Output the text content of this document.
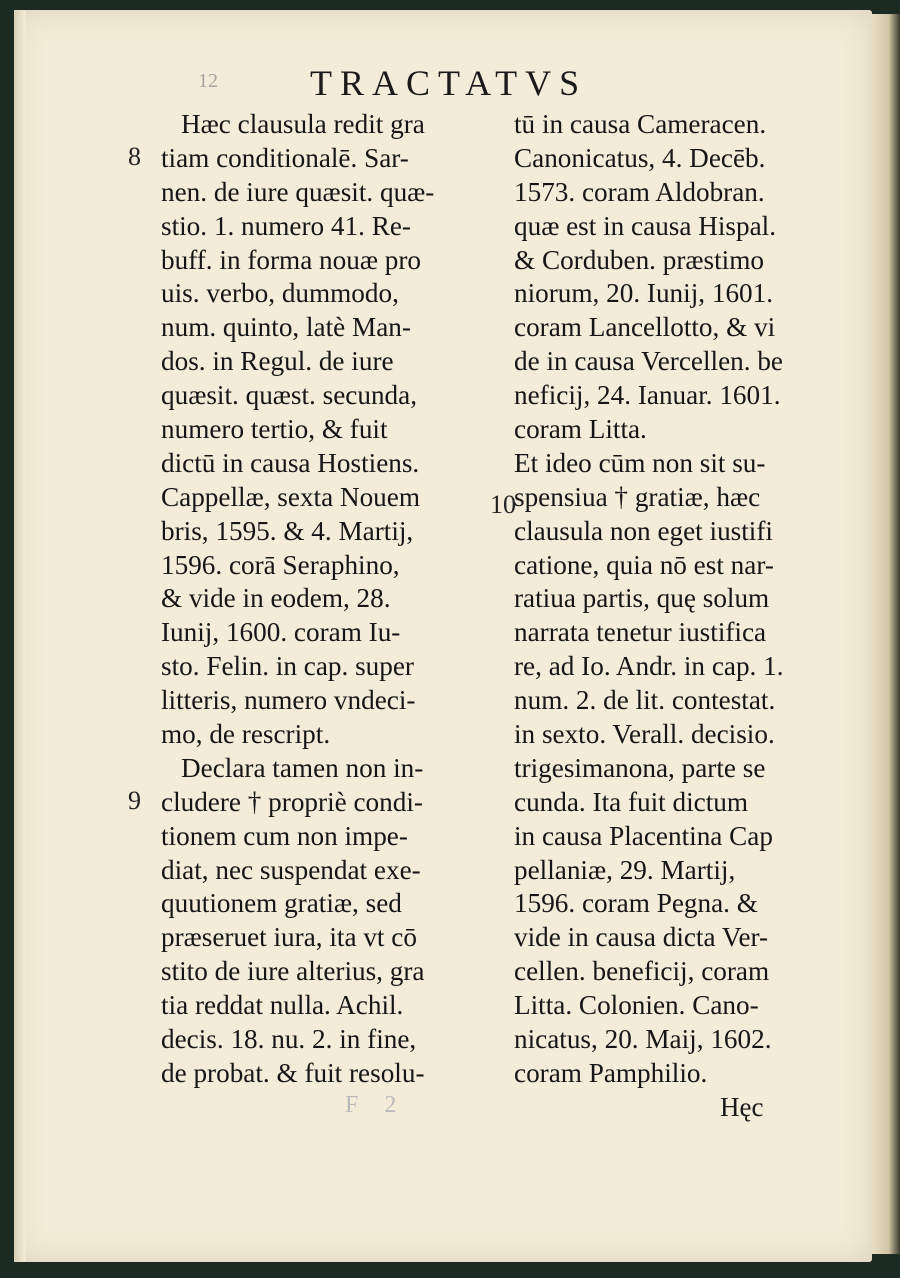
12	TRACTATVS
8
9
10
Hæc clausula redit gra
tiam conditionalē. Sar-
nen. de iure quæsit. quæ-
stio. 1. numero 41. Re-
buff. in forma nouæ pro
uis. verbo, dummodo,
num. quinto, latè Man-
dos. in Regul. de iure
quæsit. quæst. secunda,
numero tertio, & fuit
dictū in causa Hostiens.
Cappellæ, sexta Nouem
bris, 1595. & 4. Martij,
1596. corā Seraphino,
& vide in eodem, 28.
Iunij, 1600. coram Iu-
sto. Felin. in cap. super
litteris, numero vndeci-
mo, de rescript.
Declara tamen non in-
cludere † propriè condi-
tionem cum non impe-
diat, nec suspendat exe-
quutionem gratiæ, sed
præseruet iura, ita vt cō
stito de iure alterius, gra
tia reddat nulla. Achil.
decis. 18. nu. 2. in fine,
de probat. & fuit resolu-
tū in causa Cameracen.
Canonicatus, 4. Decēb.
1573. coram Aldobran.
quæ est in causa Hispal.
& Corduben. præstimo
niorum, 20. Iunij, 1601.
coram Lancellotto, & vi
de in causa Vercellen. be
neficij, 24. Ianuar. 1601.
coram Litta.
Et ideo cūm non sit su-
spensiua † gratiæ, hæc
clausula non eget iustifi
catione, quia nō est nar-
ratiua partis, quę solum
narrata tenetur iustifica
re, ad Io. Andr. in cap. 1.
num. 2. de lit. contestat.
in sexto. Verall. decisio.
trigesimanona, parte se
cunda. Ita fuit dictum
in causa Placentina Cap
pellaniæ, 29. Martij,
1596. coram Pegna. &
vide in causa dicta Ver-
cellen. beneficij, coram
Litta. Colonien. Cano-
nicatus, 20. Maij, 1602.
coram Pamphilio.
F 2	Hęc
